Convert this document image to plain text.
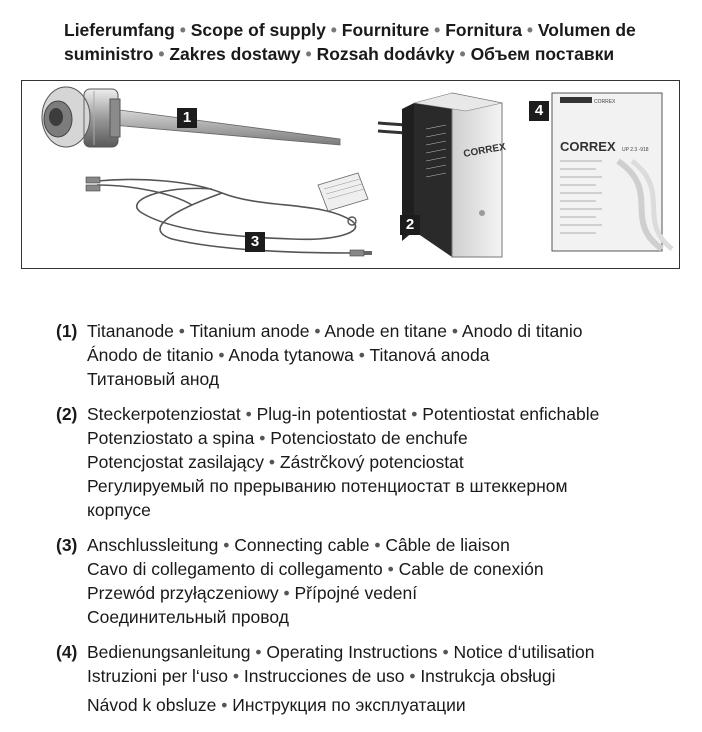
Lieferumfang • Scope of supply • Fourniture • Fornitura • Volumen de suministro • Zakres dostawy • Rozsah dodávky • Объем поставки
CORREX
CORREX
CORREX UP 2.3 -918
1
3
2
4
(1) Titananode • Titanium anode • Anode en titane • Anodo di titanio
Ánodo de titanio • Anoda tytanowa • Titanová anoda
Титановый анод
(2) Steckerpotenziostat • Plug-in potentiostat • Potentiostat enfichable
Potenziostato a spina • Potenciostato de enchufe
Potencjostat zasilający • Zástrčkový potenciostat
Регулируемый по прерыванию потенциостат в штеккерном
корпусе
(3) Anschlussleitung • Connecting cable • Câble de liaison
Cavo di collegamento di collegamento • Cable de conexión
Przewód przyłączeniowy • Přípojné vedení
Соединительный провод
(4) Bedienungsanleitung • Operating Instructions • Notice d‘utilisation
Istruzioni per l‘uso • Instrucciones de uso • Instrukcja obsługi
Návod k obsluze • Инструкция по эксплуатации
